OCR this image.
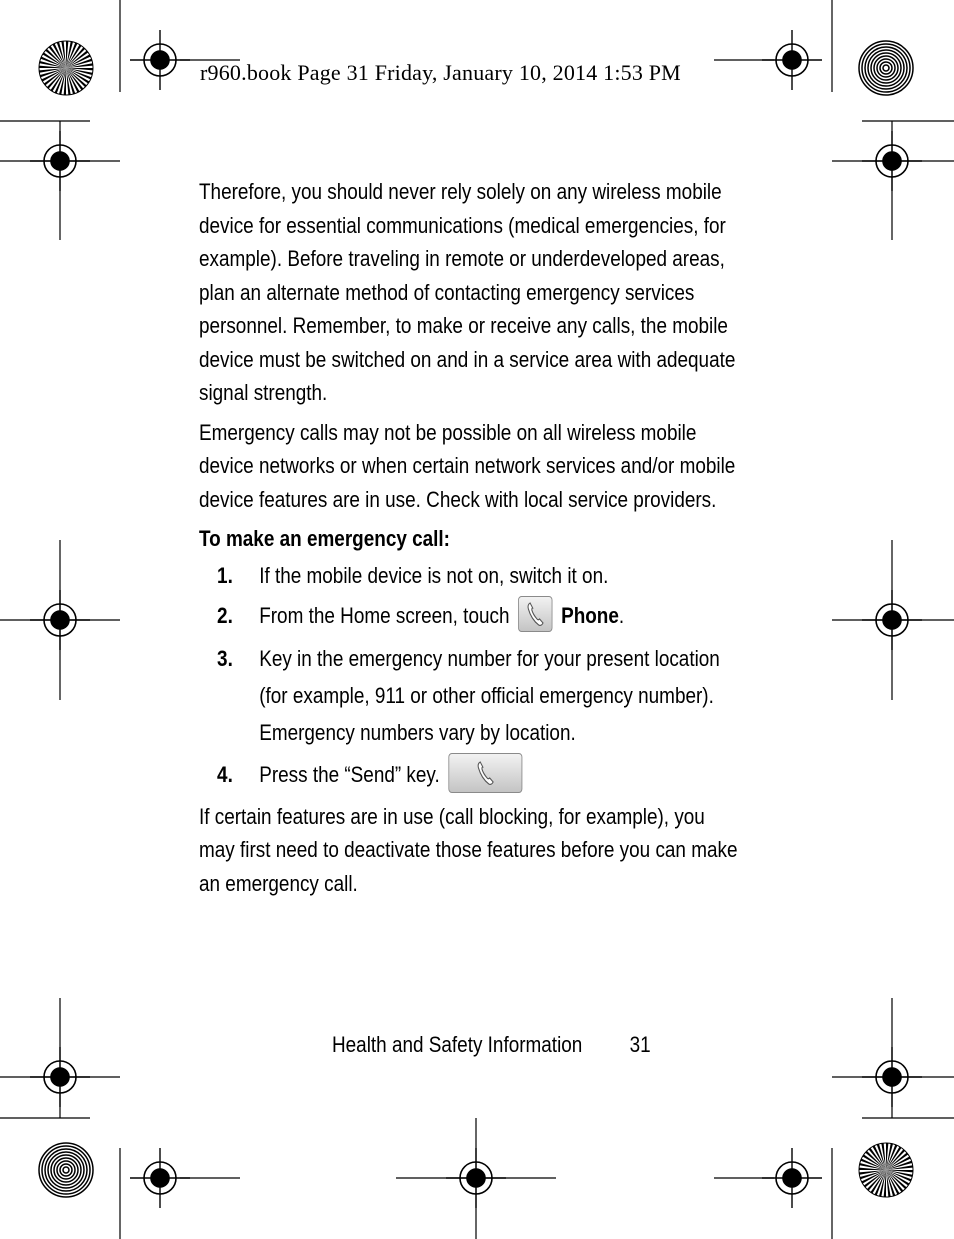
r960.book Page 31 Friday, January 10, 2014 1:53 PM

Therefore, you should never rely solely on any wireless mobile device for essential communications (medical emergencies, for example). Before traveling in remote or underdeveloped areas, plan an alternate method of contacting emergency services personnel. Remember, to make or receive any calls, the mobile device must be switched on and in a service area with adequate signal strength.

Emergency calls may not be possible on all wireless mobile device networks or when certain network services and/or mobile device features are in use. Check with local service providers.

To make an emergency call:
1. If the mobile device is not on, switch it on.
2. From the Home screen, touch Phone.
3. Key in the emergency number for your present location (for example, 911 or other official emergency number). Emergency numbers vary by location.
4. Press the “Send” key.

If certain features are in use (call blocking, for example), you may first need to deactivate those features before you can make an emergency call.

Health and Safety Information 31
